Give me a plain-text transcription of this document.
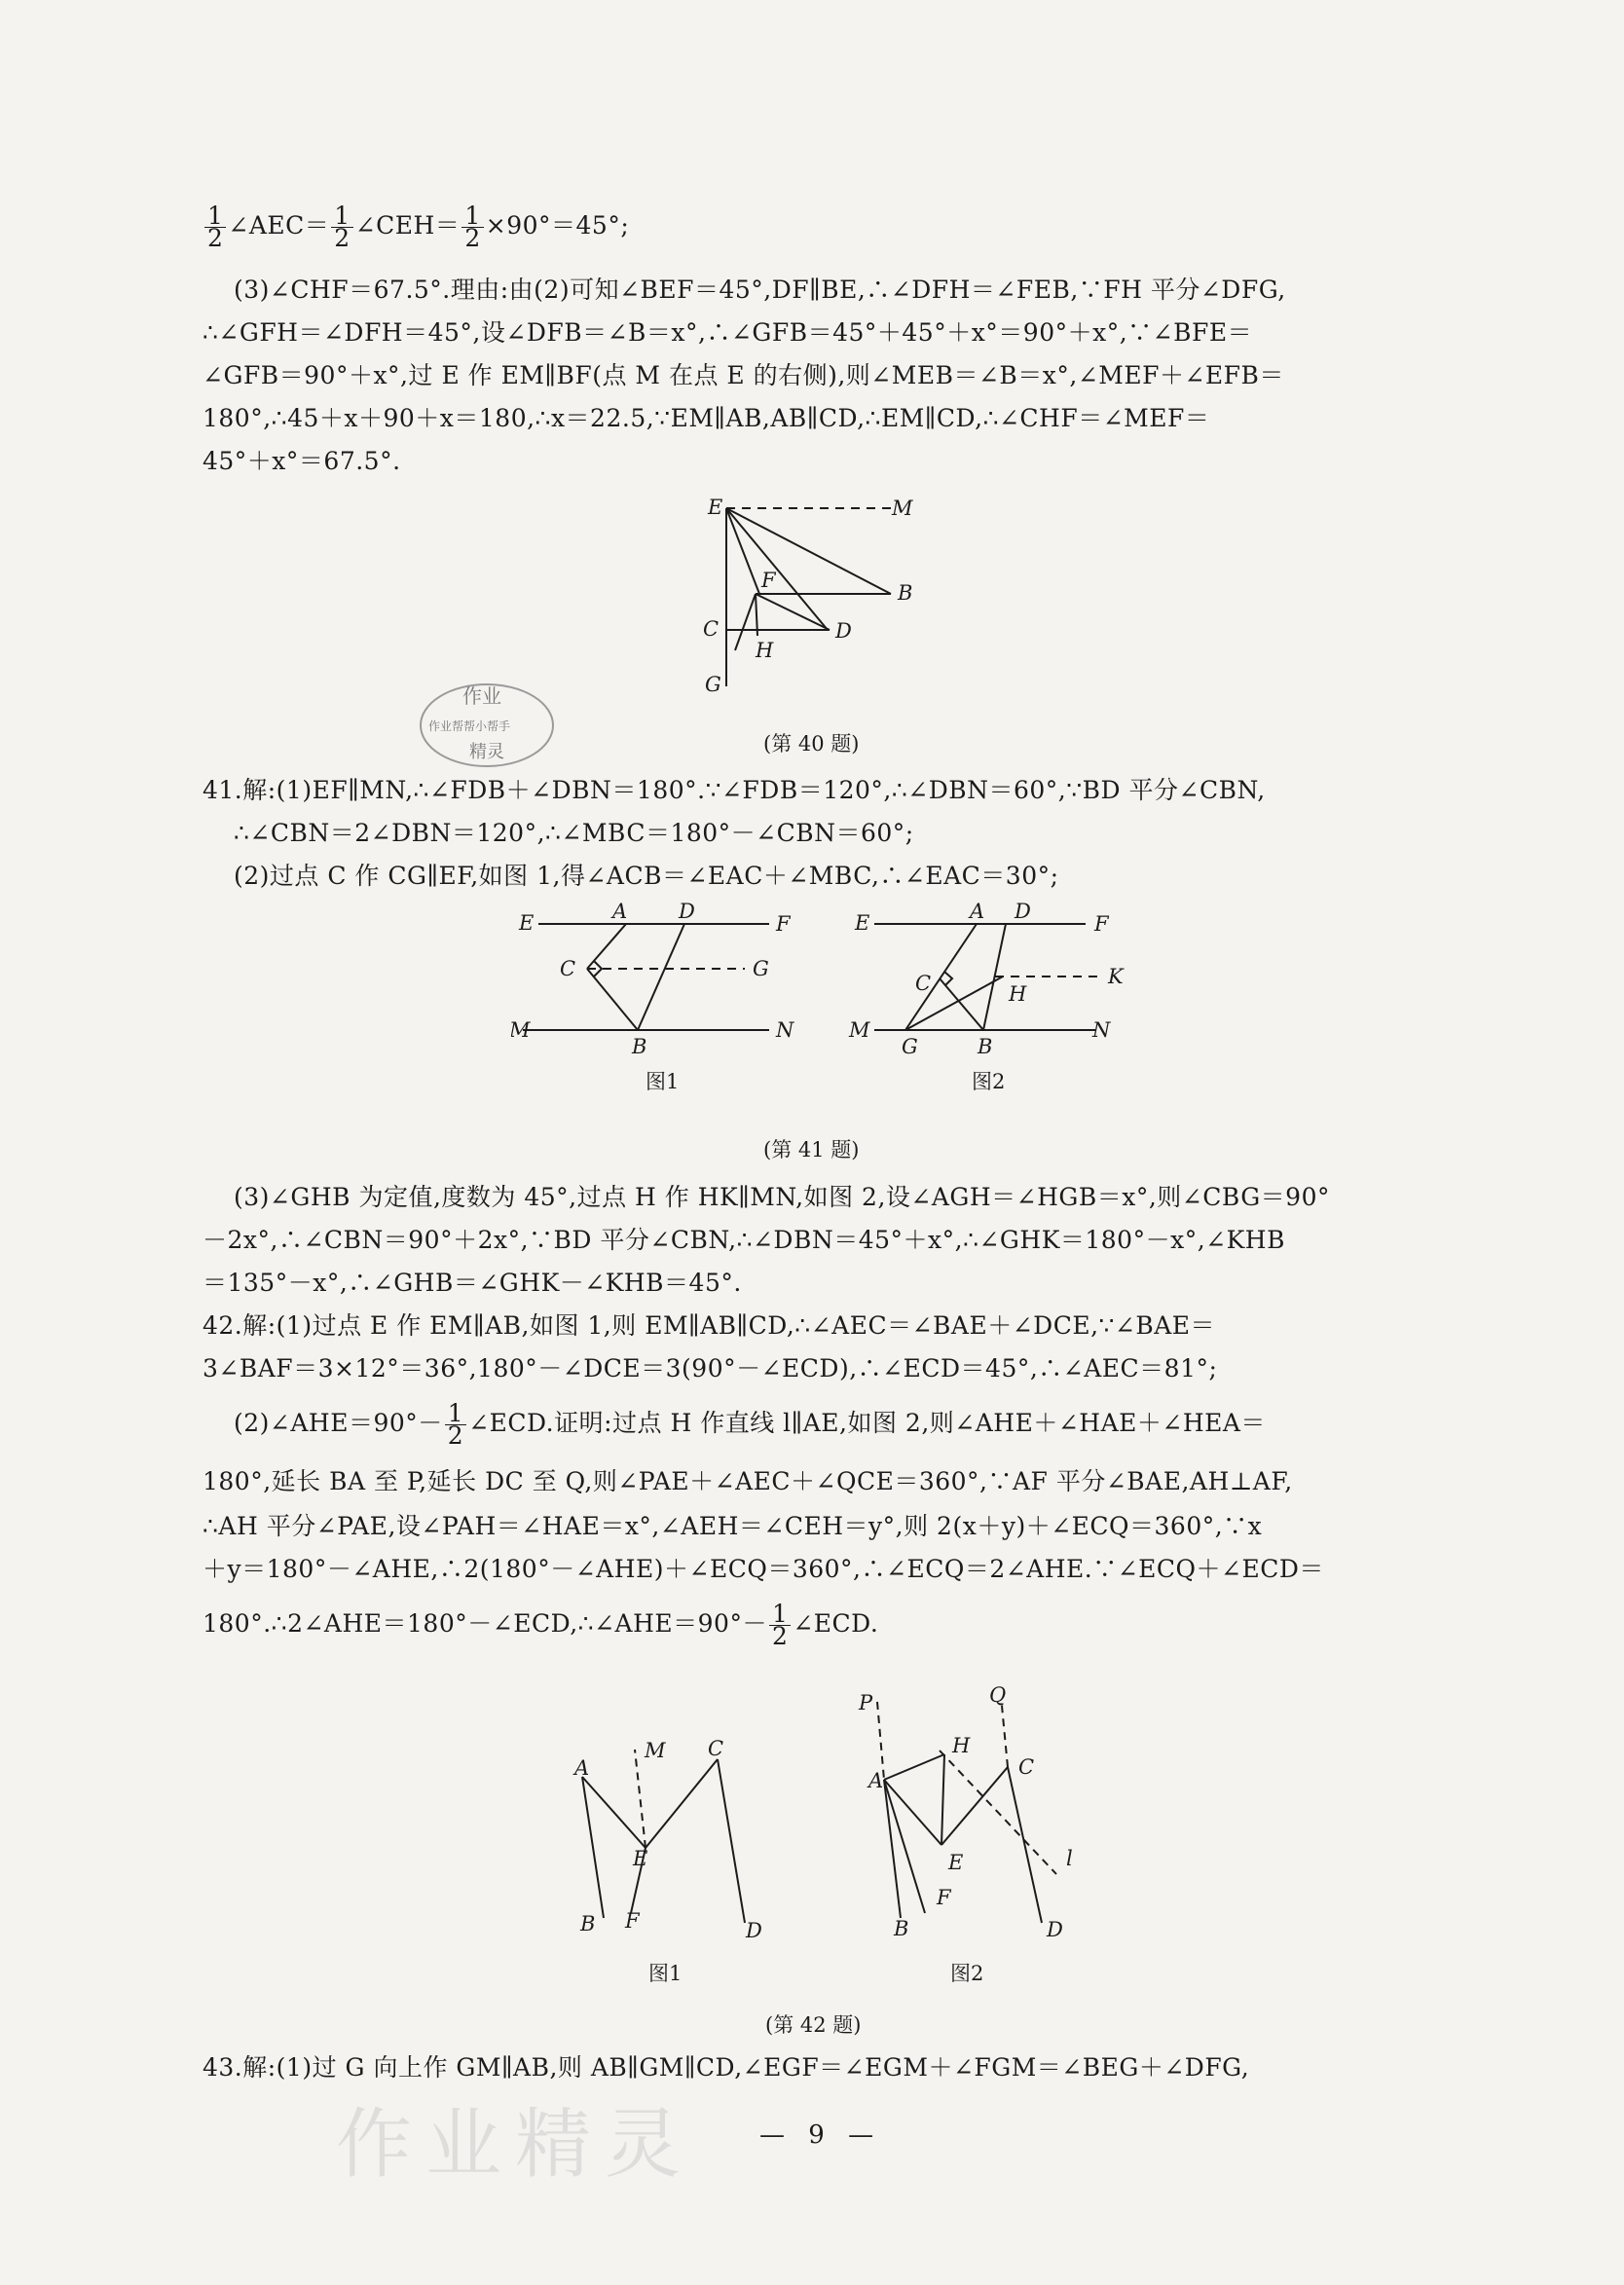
$\frac{1}{2}$ ∠AEC＝ $\frac{1}{2}$ ∠CEH＝ $\frac{1}{2} \times 90^\circ=45^\circ$;
(3)∠CHF＝67.5°.理由:由(2)可知∠BEF＝45°,DF∥BE,∴∠DFH＝∠FEB,∵FH 平分∠DFG,
∴∠GFH＝∠DFH＝45°,设∠DFB＝∠B＝x°,∴∠GFB＝45°＋45°＋x°＝90°＋x°,∵∠BFE＝
∠GFB＝90°＋x°,过 E 作 EM∥BF(点 M 在点 E 的右侧),则∠MEB＝∠B＝x°,∠MEF＋∠EFB＝
180°,∴45＋x＋90＋x＝180,∴x＝22.5,∵EM∥AB,AB∥CD,∴EM∥CD,∴∠CHF＝∠MEF＝
45°＋x°＝67.5°.
E	M
F
B
C	D
H
G
作业
作业帮帮小帮手
精灵	(第 40 题)
41.解:(1)EF∥MN,∴∠FDB＋∠DBN＝180°.∵∠FDB＝120°,∴∠DBN＝60°,∵BD 平分∠CBN,
∴∠CBN＝2∠DBN＝120°,∴∠MBC＝180°－∠CBN＝60°;
(2)过点 C 作 CG∥EF,如图 1,得∠ACB＝∠EAC＋∠MBC,∴∠EAC＝30°;
E	A	D
F
C	G
M
B
N
图1
E	A D
F
K
C	H
M
G	B
N
图2
(第 41 题)
(3)∠GHB 为定值,度数为 45°,过点 H 作 HK∥MN,如图 2,设∠AGH＝∠HGB＝x°,则∠CBG＝90°
－2x°,∴∠CBN＝90°＋2x°,∵BD 平分∠CBN,∴∠DBN＝45°＋x°,∴∠GHK＝180°－x°,∠KHB
＝135°－x°,∴∠GHB＝∠GHK－∠KHB＝45°.
42.解:(1)过点 E 作 EM∥AB,如图 1,则 EM∥AB∥CD,∴∠AEC＝∠BAE＋∠DCE,∵∠BAE＝
3∠BAF＝3×12°＝36°,180°－∠DCE＝3(90°－∠ECD),∴∠ECD＝45°,∴∠AEC＝81°;
(2)∠AHE＝90°－ $\frac{1}{2}$ ∠ECD.证明:过点 H 作直线 l∥AE,如图 2,则∠AHE＋∠HAE＋∠HEA＝
180°,延长 BA 至 P,延长 DC 至 Q,则∠PAE＋∠AEC＋∠QCE＝360°,∵AF 平分∠BAE,AH⊥AF,
∴AH 平分∠PAE,设∠PAH＝∠HAE＝x°,∠AEH＝∠CEH＝y°,则 2(x＋y)＋∠ECQ＝360°,∵x
＋y＝180°－∠AHE,∴2(180°－∠AHE)＋∠ECQ＝360°,∴∠ECQ＝2∠AHE.∵∠ECQ＋∠ECD＝
180°.∴2∠AHE＝180°－∠ECD,∴∠AHE＝90°－ $\frac{1}{2}$ ∠ECD.
M
A
C
E
B F	D
图1
P	Q
H
A
C
E	l
F
B	D
图2
(第 42 题)
43.解:(1)过 G 向上作 GM∥AB,则 AB∥GM∥CD,∠EGF＝∠EGM＋∠FGM＝∠BEG＋∠DFG,
作业精灵	— 9 —
